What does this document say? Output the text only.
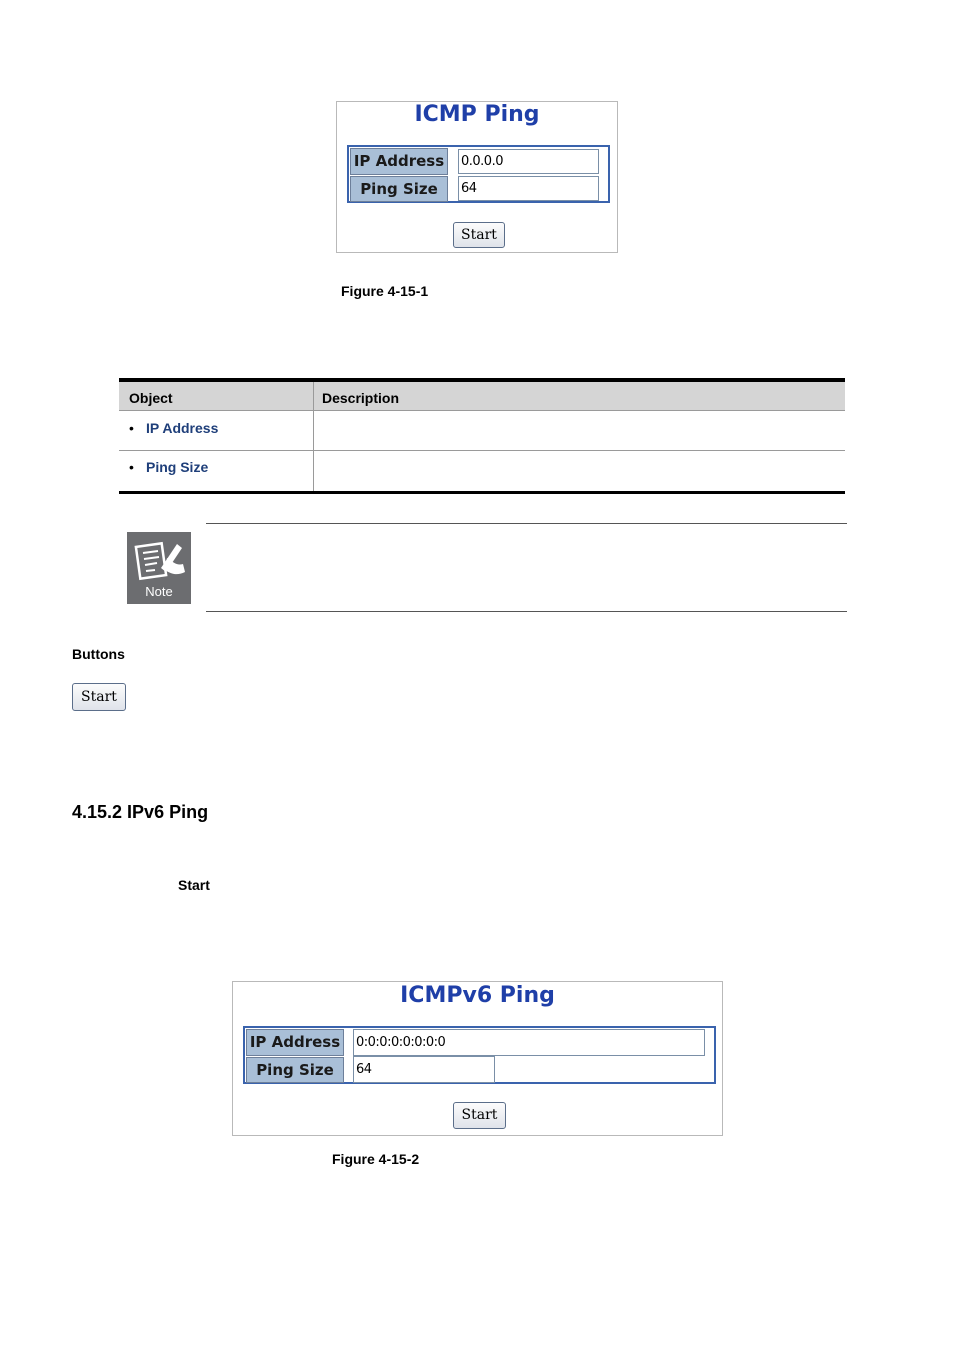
ICMP Ping
IP Address
0.0.0.0
Ping Size
64
Start
Figure 4-15-1
Object	Description
• IP Address
• Ping Size
Note
Buttons
Start
4.15.2 IPv6 Ping
Start
ICMPv6 Ping
IP Address
0:0:0:0:0:0:0:0
Ping Size
64
Start
Figure 4-15-2
